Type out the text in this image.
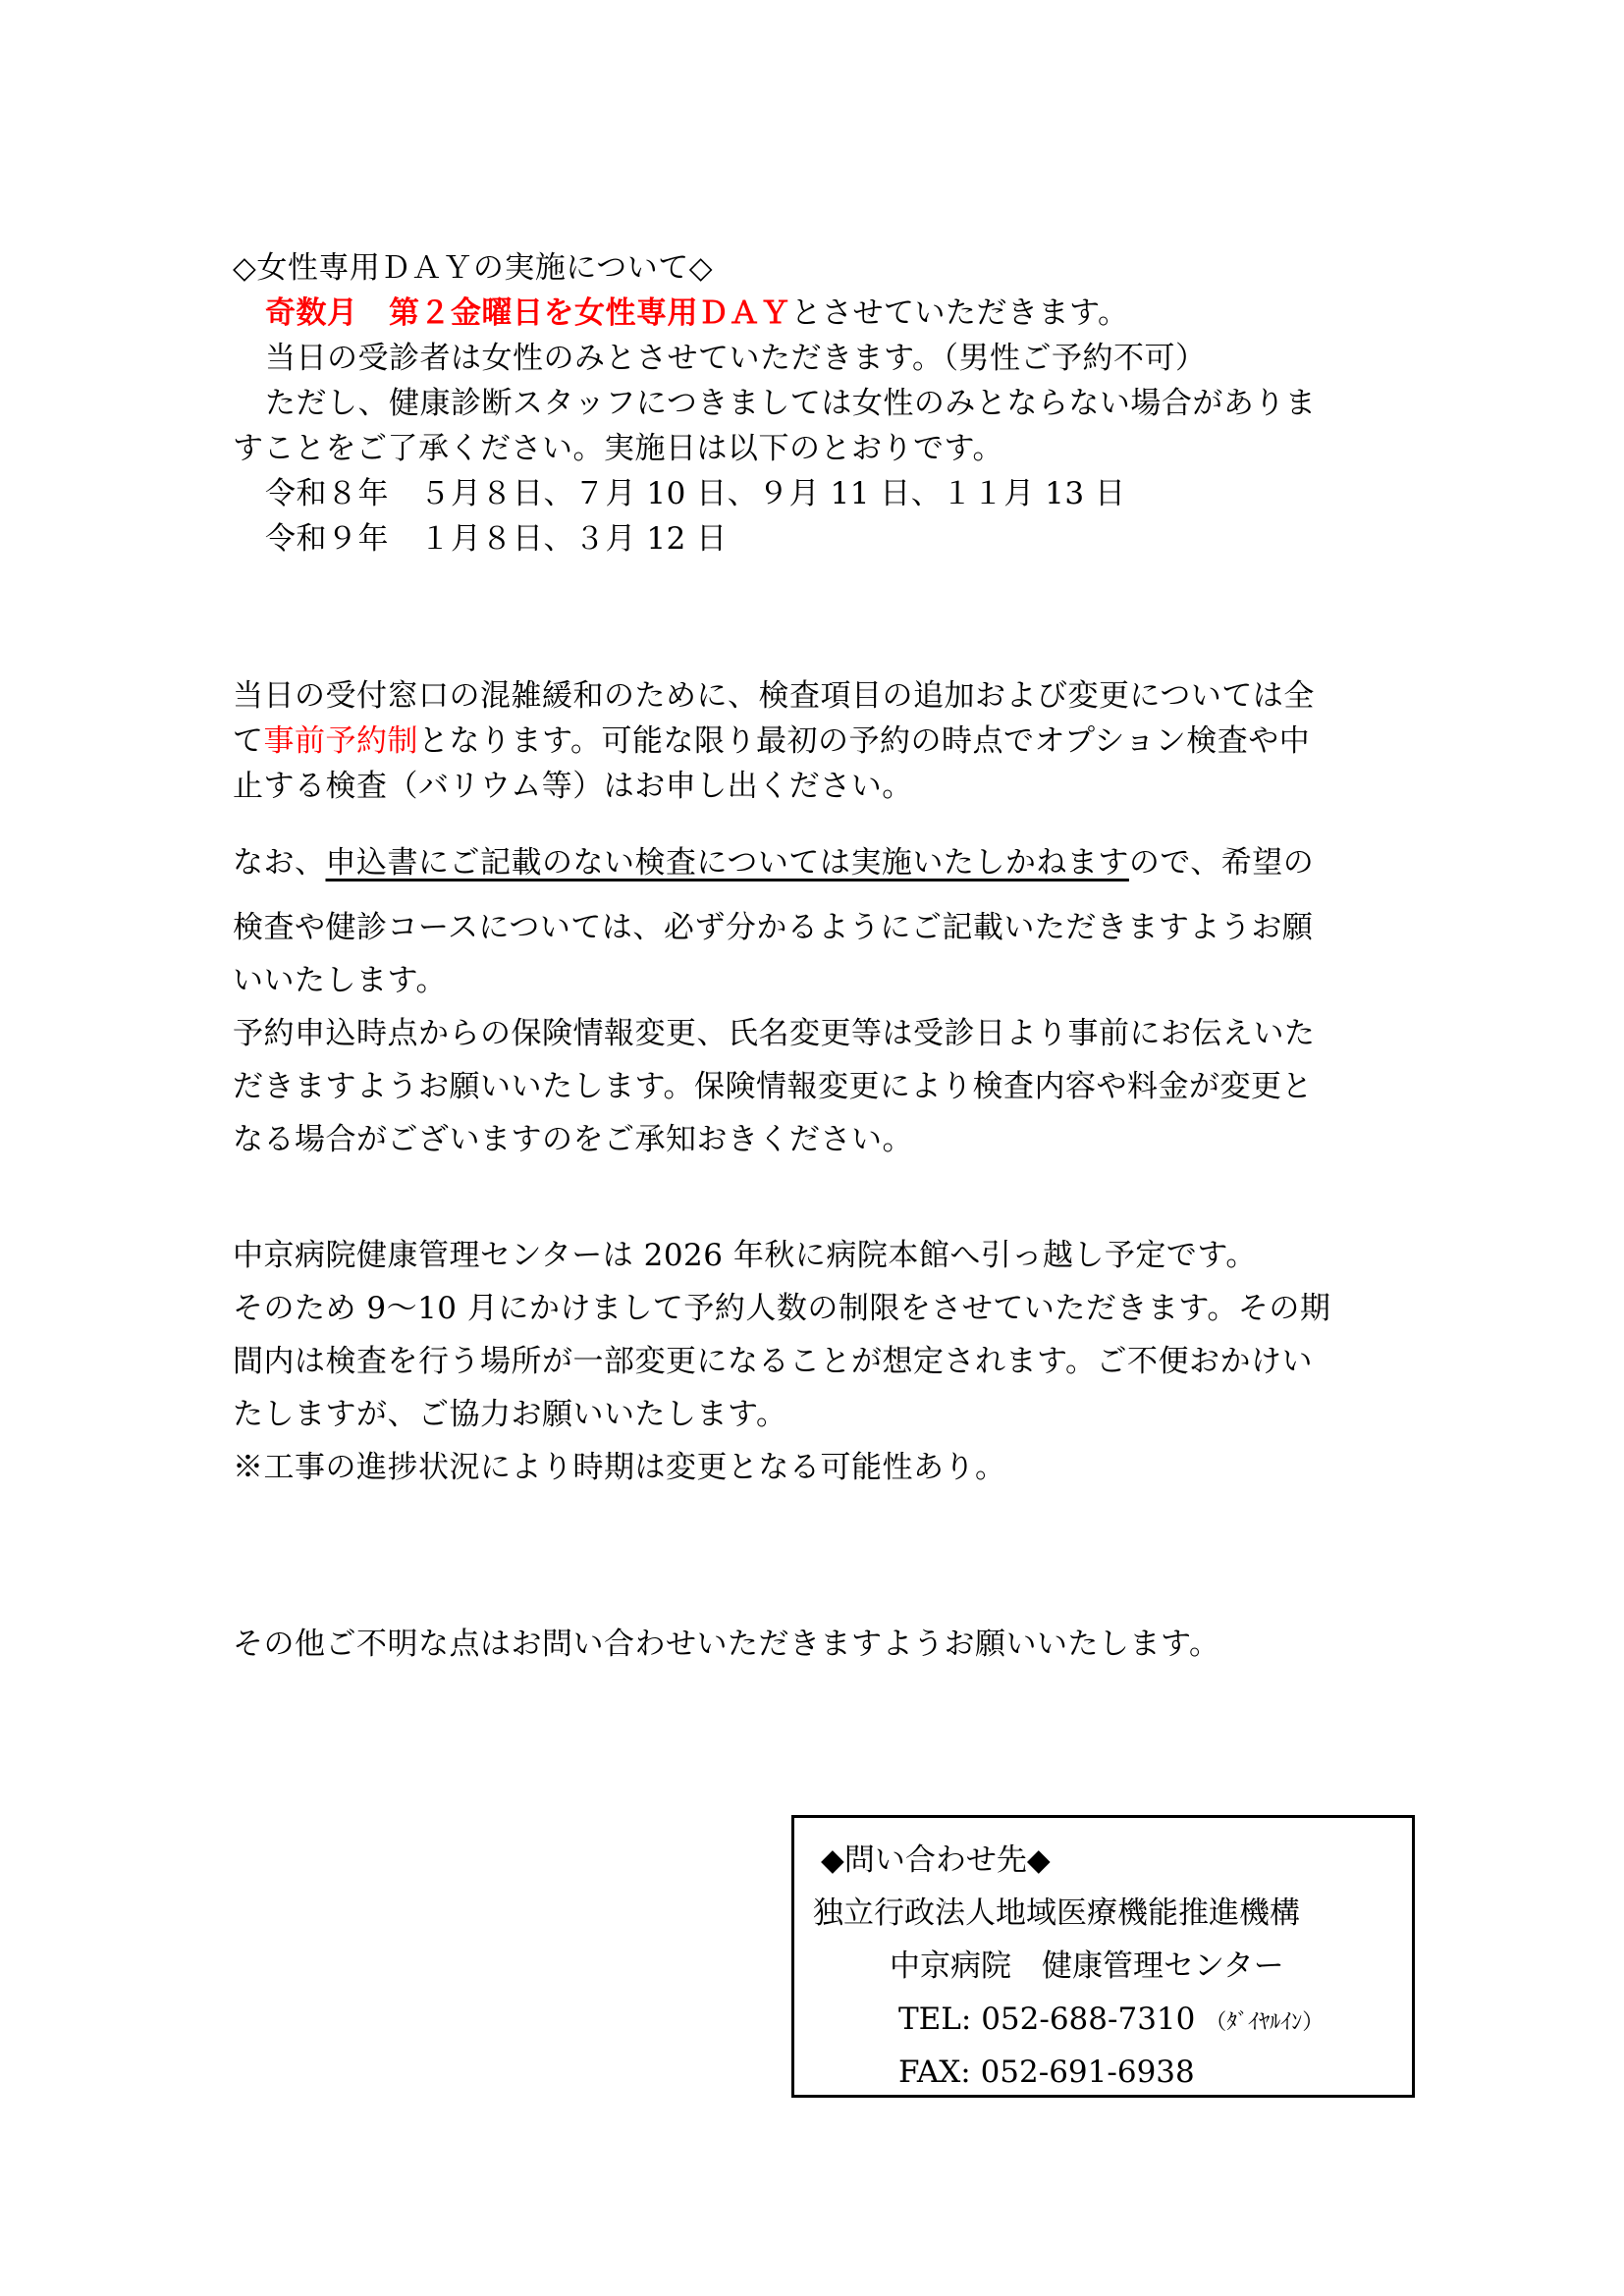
◇女性専用ＤＡＹの実施について◇
奇数月　第２金曜日を女性専用ＤＡＹとさせていただきます。
当日の受診者は女性のみとさせていただきます。（男性ご予約不可）
ただし、健康診断スタッフにつきましては女性のみとならない場合がありま
すことをご了承ください。実施日は以下のとおりです。
令和８年　 ５月８日、７月 10 日、９月 11 日、１１月 13 日
令和９年　 １月８日、３月 12 日
当日の受付窓口の混雑緩和のために、検査項目の追加および変更については全
て事前予約制となります。可能な限り最初の予約の時点でオプション検査や中
止する検査（バリウム等）はお申し出ください。
なお、申込書にご記載のない検査については実施いたしかねますので、希望の
検査や健診コースについては、必ず分かるようにご記載いただきますようお願
いいたします。
予約申込時点からの保険情報変更、氏名変更等は受診日より事前にお伝えいた
だきますようお願いいたします。保険情報変更により検査内容や料金が変更と
なる場合がございますのをご承知おきください。
中京病院健康管理センターは 2026 年秋に病院本館へ引っ越し予定です。
そのため 9～10 月にかけまして予約人数の制限をさせていただきます。その期
間内は検査を行う場所が一部変更になることが想定されます。ご不便おかけい
たしますが、ご協力お願いいたします。
※工事の進捗状況により時期は変更となる可能性あり。
その他ご不明な点はお問い合わせいただきますようお願いいたします。
◆問い合わせ先◆
独立行政法人地域医療機能推進機構
中京病院　健康管理センター
TEL: 052-688-7310 （ﾀﾞｲﾔﾙｲﾝ）
FAX: 052-691-6938
